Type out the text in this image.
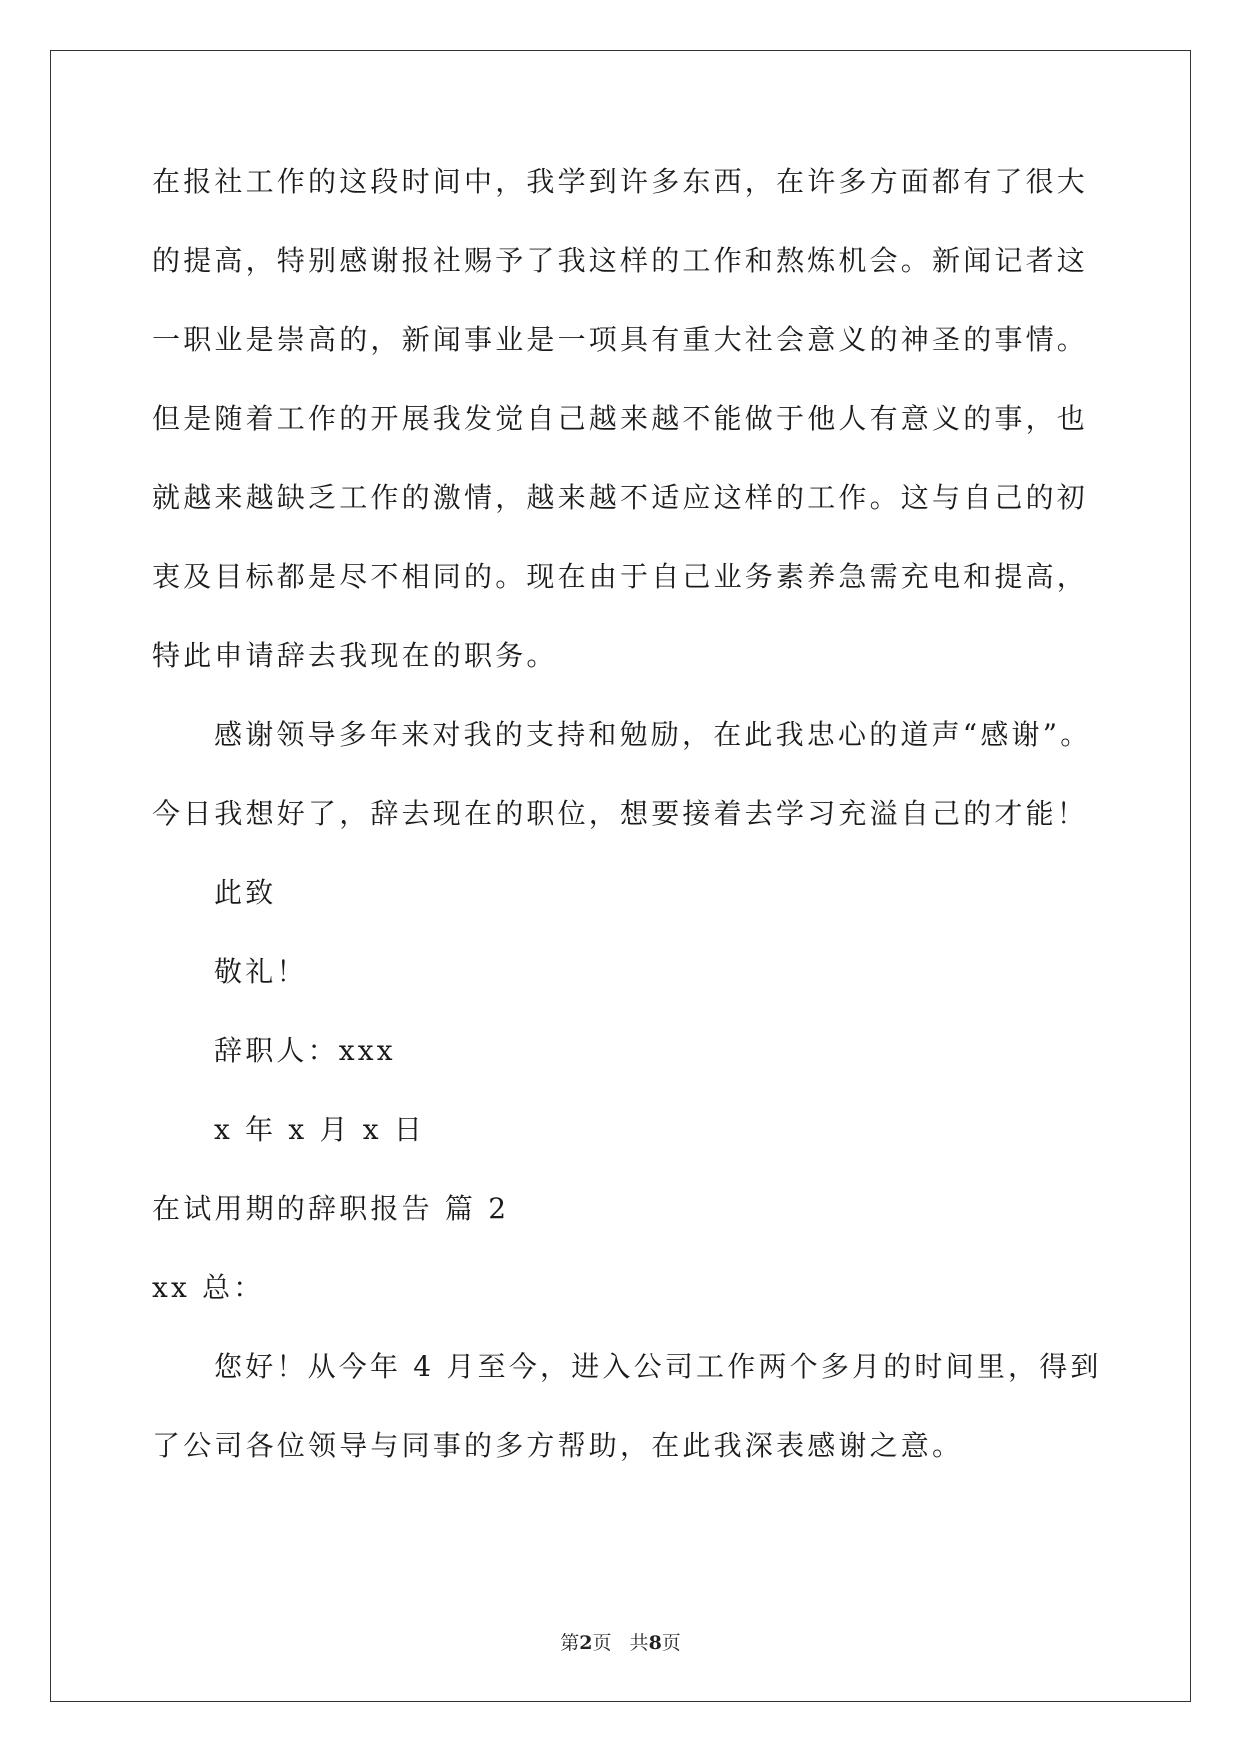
在报社工作的这段时间中，我学到许多东西，在许多方面都有了很大
的提高，特别感谢报社赐予了我这样的工作和熬炼机会。新闻记者这
一职业是崇高的，新闻事业是一项具有重大社会意义的神圣的事情。
但是随着工作的开展我发觉自己越来越不能做于他人有意义的事，也
就越来越缺乏工作的激情，越来越不适应这样的工作。这与自己的初
衷及目标都是尽不相同的。现在由于自己业务素养急需充电和提高，
特此申请辞去我现在的职务。
感谢领导多年来对我的支持和勉励，在此我忠心的道声“感谢”。
今日我想好了，辞去现在的职位，想要接着去学习充溢自己的才能！
此致
敬礼！
辞职人：xxx
x 年 x 月 x 日
在试用期的辞职报告 篇 2
xx 总：
您好！从今年 4 月至今，进入公司工作两个多月的时间里，得到
了公司各位领导与同事的多方帮助，在此我深表感谢之意。
第2页   共8页
